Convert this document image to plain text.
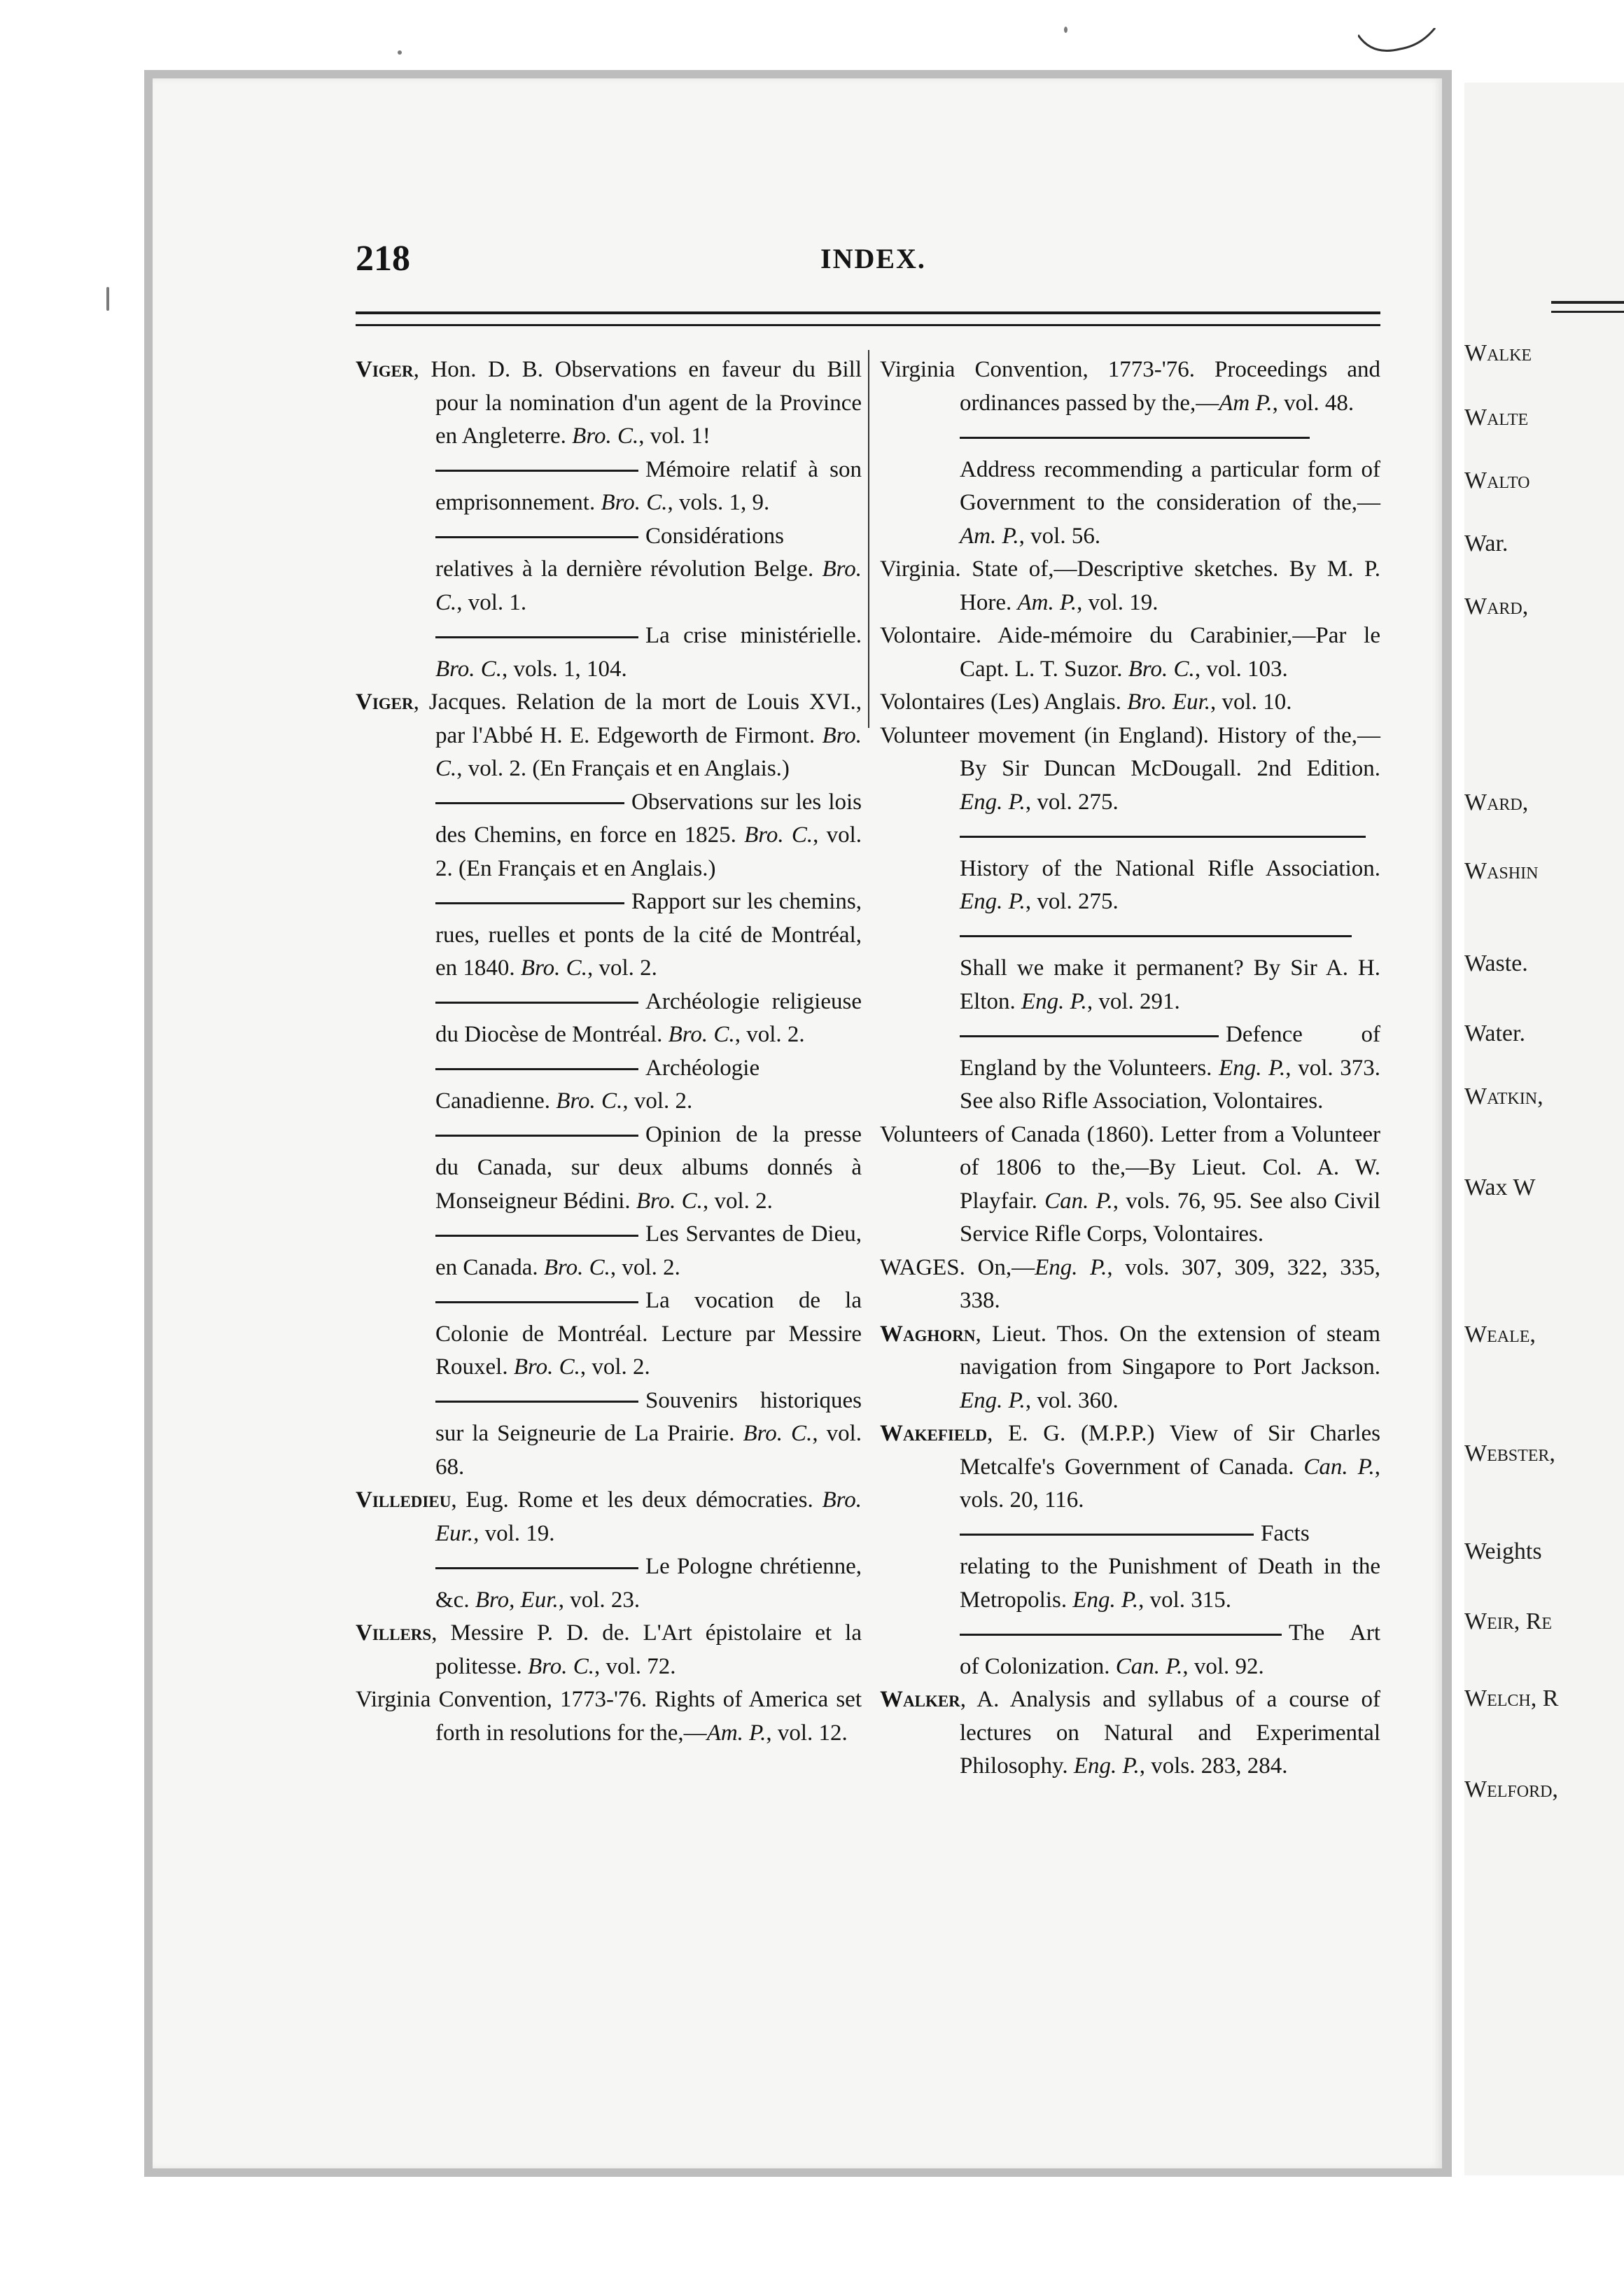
Walke
Walte
Walto
War.
Ward,
Ward,
Washin
Waste.
Water.
Watkin,
Wax W
Weale,
Webster,
Weights
Weir, Re
Welch, R
Welford,
218	INDEX.
Viger, Hon. D. B. Observations en faveur du Bill pour la nomination d'un agent de la Province en Angleterre. Bro. C., vol. 1!
Mémoire relatif à son emprisonnement. Bro. C., vols. 1, 9.
Considérations relatives à la dernière révolution Belge. Bro. C., vol. 1.
La crise ministérielle. Bro. C., vols. 1, 104.
Viger, Jacques. Relation de la mort de Louis XVI., par l'Abbé H. E. Edgeworth de Firmont. Bro. C., vol. 2. (En Français et en Anglais.)
Observations sur les lois des Chemins, en force en 1825. Bro. C., vol. 2. (En Français et en Anglais.)
Rapport sur les chemins, rues, ruelles et ponts de la cité de Montréal, en 1840. Bro. C., vol. 2.
Archéologie religieuse du Diocèse de Montréal. Bro. C., vol. 2.
Archéologie Canadienne. Bro. C., vol. 2.
Opinion de la presse du Canada, sur deux albums donnés à Monseigneur Bédini. Bro. C., vol. 2.
Les Servantes de Dieu, en Canada. Bro. C., vol. 2.
La vocation de la Colonie de Montréal. Lecture par Messire Rouxel. Bro. C., vol. 2.
Souvenirs historiques sur la Seigneurie de La Prairie. Bro. C., vol. 68.
Villedieu, Eug. Rome et les deux démocraties. Bro. Eur., vol. 19.
Le Pologne chrétienne, &c. Bro, Eur., vol. 23.
Villers, Messire P. D. de. L'Art épistolaire et la politesse. Bro. C., vol. 72.
Virginia Convention, 1773-'76. Rights of America set forth in resolutions for the,—Am. P., vol. 12.
Virginia Convention, 1773-'76. Proceedings and ordinances passed by the,—Am P., vol. 48.
Address recommending a particular form of Government to the consideration of the,—Am. P., vol. 56.
Virginia. State of,—Descriptive sketches. By M. P. Hore. Am. P., vol. 19.
Volontaire. Aide-mémoire du Carabinier,—Par le Capt. L. T. Suzor. Bro. C., vol. 103.
Volontaires (Les) Anglais. Bro. Eur., vol. 10.
Volunteer movement (in England). History of the,—By Sir Duncan McDougall. 2nd Edition. Eng. P., vol. 275.
History of the National Rifle Association. Eng. P., vol. 275.
Shall we make it permanent? By Sir A. H. Elton. Eng. P., vol. 291.
Defence of England by the Volunteers. Eng. P., vol. 373. See also Rifle Association, Volontaires.
Volunteers of Canada (1860). Letter from a Volunteer of 1806 to the,—By Lieut. Col. A. W. Playfair. Can. P., vols. 76, 95. See also Civil Service Rifle Corps, Volontaires.
WAGES. On,—Eng. P., vols. 307, 309, 322, 335, 338.
Waghorn, Lieut. Thos. On the extension of steam navigation from Singapore to Port Jackson. Eng. P., vol. 360.
Wakefield, E. G. (M.P.P.) View of Sir Charles Metcalfe's Government of Canada. Can. P., vols. 20, 116.
Facts relating to the Punishment of Death in the Metropolis. Eng. P., vol. 315.
The Art of Colonization. Can. P., vol. 92.
Walker, A. Analysis and syllabus of a course of lectures on Natural and Experimental Philosophy. Eng. P., vols. 283, 284.
